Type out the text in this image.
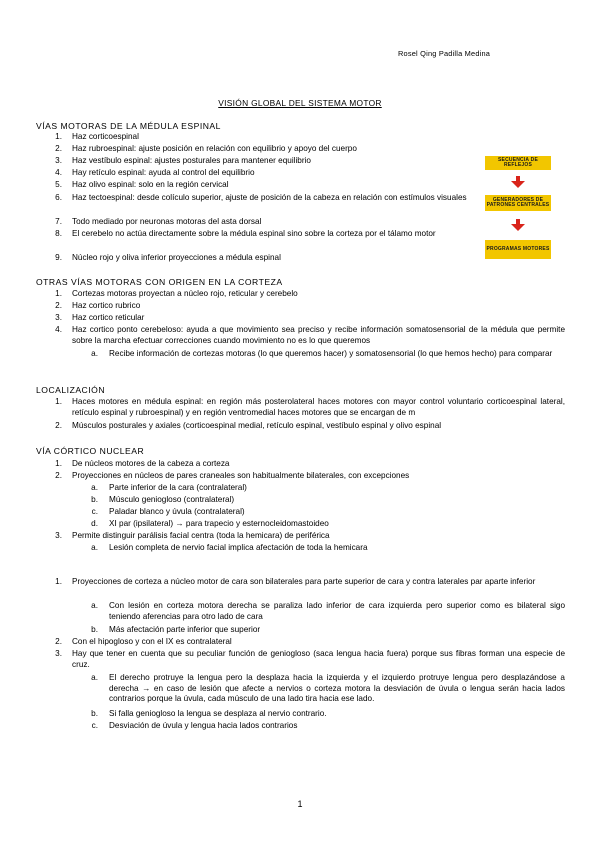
Rosel Qing Padilla Medina
VISIÓN GLOBAL DEL SISTEMA MOTOR
VÍAS MOTORAS DE LA MÉDULA ESPINAL
1. Haz corticoespinal
2. Haz rubroespinal: ajuste posición en relación con equilibrio y apoyo del cuerpo
3. Haz vestíbulo espinal: ajustes posturales para mantener equilibrio
4. Hay retículo espinal: ayuda al control del equilibrio
5. Haz olivo espinal: solo en la región cervical
6. Haz tectoespinal: desde colículo superior, ajuste de posición de la cabeza en relación con estímulos visuales
7. Todo mediado por neuronas motoras del asta dorsal
8. El cerebelo no actúa directamente sobre la médula espinal sino sobre la corteza por el tálamo motor
9. Núcleo rojo y oliva inferior proyecciones a médula espinal
SECUENCIA DE REFLEJOS
GENERADORES DE PATRONES CENTRALES
PROGRAMAS MOTORES
OTRAS VÍAS MOTORAS CON ORIGEN EN LA CORTEZA
1. Cortezas motoras proyectan a núcleo rojo, reticular y cerebelo
2. Haz cortico rubrico
3. Haz cortico reticular
4. Haz cortico ponto cerebeloso: ayuda a que movimiento sea preciso y recibe información somatosensorial de la médula que permite sobre la marcha efectuar correcciones cuando movimiento no es lo que queremos
a. Recibe información de cortezas motoras (lo que queremos hacer) y somatosensorial (lo que hemos hecho) para comparar
LOCALIZACIÓN
1. Haces motores en médula espinal: en región más posterolateral haces motores con mayor control voluntario corticoespinal lateral, retículo espinal y rubroespinal) y en región ventromedial haces motores que se encargan de m
2. Músculos posturales y axiales (corticoespinal medial, retículo espinal, vestíbulo espinal y olivo espinal
VÍA CÓRTICO NUCLEAR
1. De núcleos motores de la cabeza a corteza
2. Proyecciones en núcleos de pares craneales son habitualmente bilaterales, con excepciones
a. Parte inferior de la cara (contralateral)
b. Músculo geniogloso (contralateral)
c. Paladar blanco y úvula (contralateral)
d. XI par (ipsilateral) → para trapecio y esternocleidomastoideo
3. Permite distinguir parálisis facial centra (toda la hemicara) de periférica
a. Lesión completa de nervio facial implica afectación de toda la hemicara
1. Proyecciones de corteza a núcleo motor de cara son bilaterales para parte superior de cara y contra laterales par aparte inferior
a. Con lesión en corteza motora derecha se paraliza lado inferior de cara izquierda pero superior como es bilateral sigo teniendo aferencias para otro lado de cara
b. Más afectación parte inferior que superior
2. Con el hipogloso y con el IX es contralateral
3. Hay que tener en cuenta que su peculiar función de geniogloso (saca lengua hacia fuera) porque sus fibras forman una especie de cruz.
a. El derecho protruye la lengua pero la desplaza hacia la izquierda y el izquierdo protruye lengua pero desplazándose a derecha → en caso de lesión que afecte a nervios o corteza motora la desviación de úvula o lengua serán hacia lados contrarios porque la úvula, cada músculo de una lado tira hacia ese lado.
b. Si falla geniogloso la lengua se desplaza al nervio contrario.
c. Desviación de úvula y lengua hacia lados contrarios
1
